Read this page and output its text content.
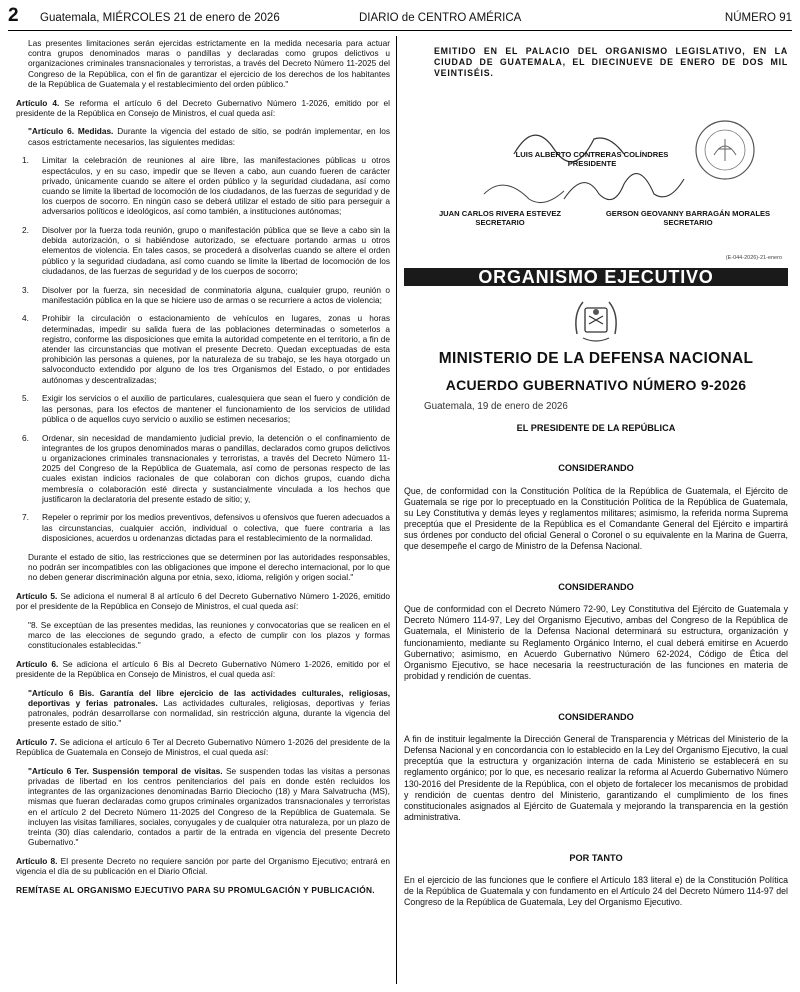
2 Guatemala, MIÉRCOLES 21 de enero de 2026	DIARIO de CENTRO AMÉRICA	NÚMERO 91

Las presentes limitaciones serán ejercidas estrictamente en la medida necesaria para actuar contra grupos denominados maras o pandillas y declaradas como grupos delictivos u organizaciones criminales transnacionales y terroristas, a través del Decreto Número 11-2025 del Congreso de la República, con el fin de garantizar el ejercicio de los derechos de los habitantes de la República de Guatemala y el restablecimiento del orden público."

Artículo 4. Se reforma el artículo 6 del Decreto Gubernativo Número 1-2026, emitido por el presidente de la República en Consejo de Ministros, el cual queda así:

"Artículo 6. Medidas. Durante la vigencia del estado de sitio, se podrán implementar, en los casos estrictamente necesarios, las siguientes medidas:

1.	Limitar la celebración de reuniones al aire libre, las manifestaciones públicas u otros espectáculos, y en su caso, impedir que se lleven a cabo, aun cuando fueren de carácter privado, únicamente cuando se altere el orden público y la seguridad ciudadana, así como cuando se limite la libertad de locomoción de los ciudadanos, de las fuerzas de seguridad y de los cuerpos de socorro. En ningún caso se deberá utilizar el estado de sitio para perseguir a adversarios políticos e ideológicos, así como también, a instituciones autónomas;
2.	Disolver por la fuerza toda reunión, grupo o manifestación pública que se lleve a cabo sin la debida autorización, o si habiéndose autorizado, se efectuare portando armas u otros elementos de violencia. En tales casos, se procederá a disolverlas cuando se altere el orden público y la seguridad ciudadana, así como cuando se limite la libertad de locomoción de los ciudadanos, de las fuerzas de seguridad y de los cuerpos de socorro;
3.	Disolver por la fuerza, sin necesidad de conminatoria alguna, cualquier grupo, reunión o manifestación pública en la que se hiciere uso de armas o se recurriere a actos de violencia;
4.	Prohibir la circulación o estacionamiento de vehículos en lugares, zonas u horas determinadas, impedir su salida fuera de las poblaciones determinadas o someterlos a registro, conforme las disposiciones que emita la autoridad competente en el territorio, a fin de atender las circunstancias que motivan el presente Decreto. Quedan exceptuadas de esta prohibición las personas a quienes, por la naturaleza de su trabajo, se les haya otorgado un salvoconducto extendido por alguno de los tres Organismos del Estado, o por entidades autónomas y descentralizadas;
5.	Exigir los servicios o el auxilio de particulares, cualesquiera que sean el fuero y condición de las personas, para los efectos de mantener el funcionamiento de los servicios de utilidad pública o de aquellos cuyo servicio o auxilio se estimen necesarios;
6.	Ordenar, sin necesidad de mandamiento judicial previo, la detención o el confinamiento de integrantes de los grupos denominados maras o pandillas, declarados como grupos delictivos u organizaciones criminales transnacionales y terroristas, a través del Decreto Número 11-2025 del Congreso de la República de Guatemala, así como de personas respecto de las cuales existan indicios racionales de que colaboran con dichos grupos, cuando dicha membresía o colaboración esté directa y sustancialmente vinculada a los hechos que justificaron la declaratoria del presente estado de sitio; y,
7.	Repeler o reprimir por los medios preventivos, defensivos u ofensivos que fueren adecuados a las circunstancias, cualquier acción, individual o colectiva, que fuere contraria a las disposiciones, acuerdos u ordenanzas dictadas para el restablecimiento de la normalidad.

Durante el estado de sitio, las restricciones que se determinen por las autoridades responsables, no podrán ser incompatibles con las obligaciones que impone el derecho internacional, por lo que no deben generar discriminación alguna por etnia, sexo, idioma, religión y origen social."

Artículo 5. Se adiciona el numeral 8 al artículo 6 del Decreto Gubernativo Número 1-2026, emitido por el presidente de la República en Consejo de Ministros, el cual queda así:

"8. Se exceptúan de las presentes medidas, las reuniones y convocatorias que se realicen en el marco de las elecciones de segundo grado, a efecto de cumplir con los plazos y formas constitucionales establecidas."

Artículo 6. Se adiciona el artículo 6 Bis al Decreto Gubernativo Número 1-2026, emitido por el presidente de la República en Consejo de Ministros, el cual queda así:

"Artículo 6 Bis. Garantía del libre ejercicio de las actividades culturales, religiosas, deportivas y ferias patronales. Las actividades culturales, religiosas, deportivas y ferias patronales, podrán desarrollarse con normalidad, sin restricción alguna, durante la vigencia del presente estado de sitio."

Artículo 7. Se adiciona el artículo 6 Ter al Decreto Gubernativo Número 1-2026 del presidente de la República de Guatemala en Consejo de Ministros, el cual queda así:

"Artículo 6 Ter. Suspensión temporal de visitas. Se suspenden todas las visitas a personas privadas de libertad en los centros penitenciarios del país en donde estén recluidos los integrantes de las organizaciones denominadas Barrio Dieciocho (18) y Mara Salvatrucha (MS), mismas que fueran declaradas como grupos criminales organizados transnacionales y terroristas en el artículo 2 del Decreto Número 11-2025 del Congreso de la República de Guatemala. Se incluyen las visitas familiares, sociales, conyugales y de cualquier otra naturaleza, por un plazo de treinta (30) días calendario, contados a partir de la entrada en vigencia del presente Decreto Gubernativo."

Artículo 8. El presente Decreto no requiere sanción por parte del Organismo Ejecutivo; entrará en vigencia el día de su publicación en el Diario Oficial.

REMÍTASE AL ORGANISMO EJECUTIVO PARA SU PROMULGACIÓN Y PUBLICACIÓN.

EMITIDO EN EL PALACIO DEL ORGANISMO LEGISLATIVO, EN LA CIUDAD DE GUATEMALA, EL DIECINUEVE DE ENERO DE DOS MIL VEINTISÉIS.

LUIS ALBERTO CONTRERAS COLÍNDRES
PRESIDENTE
JUAN CARLOS RIVERA ESTEVEZ
SECRETARIO
GERSON GEOVANNY BARRAGÁN MORALES
SECRETARIO
(E-044-2026)-21-enero
ORGANISMO EJECUTIVO
MINISTERIO DE LA DEFENSA NACIONAL
ACUERDO GUBERNATIVO NÚMERO 9-2026
Guatemala, 19 de enero de 2026
EL PRESIDENTE DE LA REPÚBLICA
CONSIDERANDO

Que, de conformidad con la Constitución Política de la República de Guatemala, el Ejército de Guatemala se rige por lo preceptuado en la Constitución Política de la República de Guatemala, su Ley Constitutiva y demás leyes y reglamentos militares; asimismo, la referida norma Suprema preceptúa que el Presidente de la República es el Comandante General del Ejército e impartirá sus órdenes por conducto del oficial General o Coronel o su equivalente en la Marina de Guerra, que desempeñe el cargo de Ministro de la Defensa Nacional.

CONSIDERANDO

Que de conformidad con el Decreto Número 72-90, Ley Constitutiva del Ejército de Guatemala y Decreto Número 114-97, Ley del Organismo Ejecutivo, ambas del Congreso de la República de Guatemala, el Ministerio de la Defensa Nacional determinará su estructura, organización y funcionamiento, mediante su Reglamento Orgánico Interno, el cual deberá emitirse en Acuerdo Gubernativo; asimismo, en Acuerdo Gubernativo Número 62-2024, Código de Ética del Organismo Ejecutivo, se hace necesaria la reestructuración de las funciones en materia de probidad y rendición de cuentas.

CONSIDERANDO

A fin de instituir legalmente la Dirección General de Transparencia y Métricas del Ministerio de la Defensa Nacional y en concordancia con lo establecido en la Ley del Organismo Ejecutivo, la cual preceptúa que la estructura y organización interna de cada Ministerio se establecerá en su reglamento orgánico; por lo que, es necesario realizar la reforma al Acuerdo Gubernativo Número 130-2016 del Presidente de la República, con el objeto de fortalecer los mecanismos de probidad y rendición de cuentas dentro del Ministerio, garantizando el cumplimiento de los fines constitucionales asignados al Ejército de Guatemala y mejorando la transparencia en la gestión administrativa.

POR TANTO

En el ejercicio de las funciones que le confiere el Artículo 183 literal e) de la Constitución Política de la República de Guatemala y con fundamento en el Artículo 24 del Decreto Número 114-97 del Congreso de la República de Guatemala, Ley del Organismo Ejecutivo.
